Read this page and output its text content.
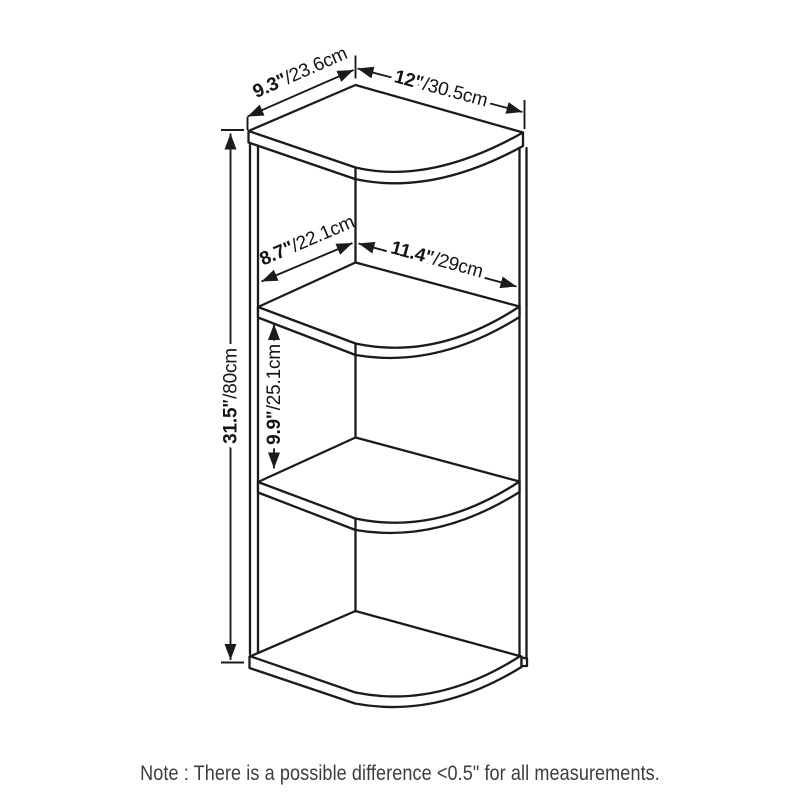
9.3"/23.6cm 12"/30.5cm
8.7"/22.1cm 11.4"/29cm
31.5"/80cm
9.9"/25.1cm
Note : There is a possible difference <0.5" for all measurements.
